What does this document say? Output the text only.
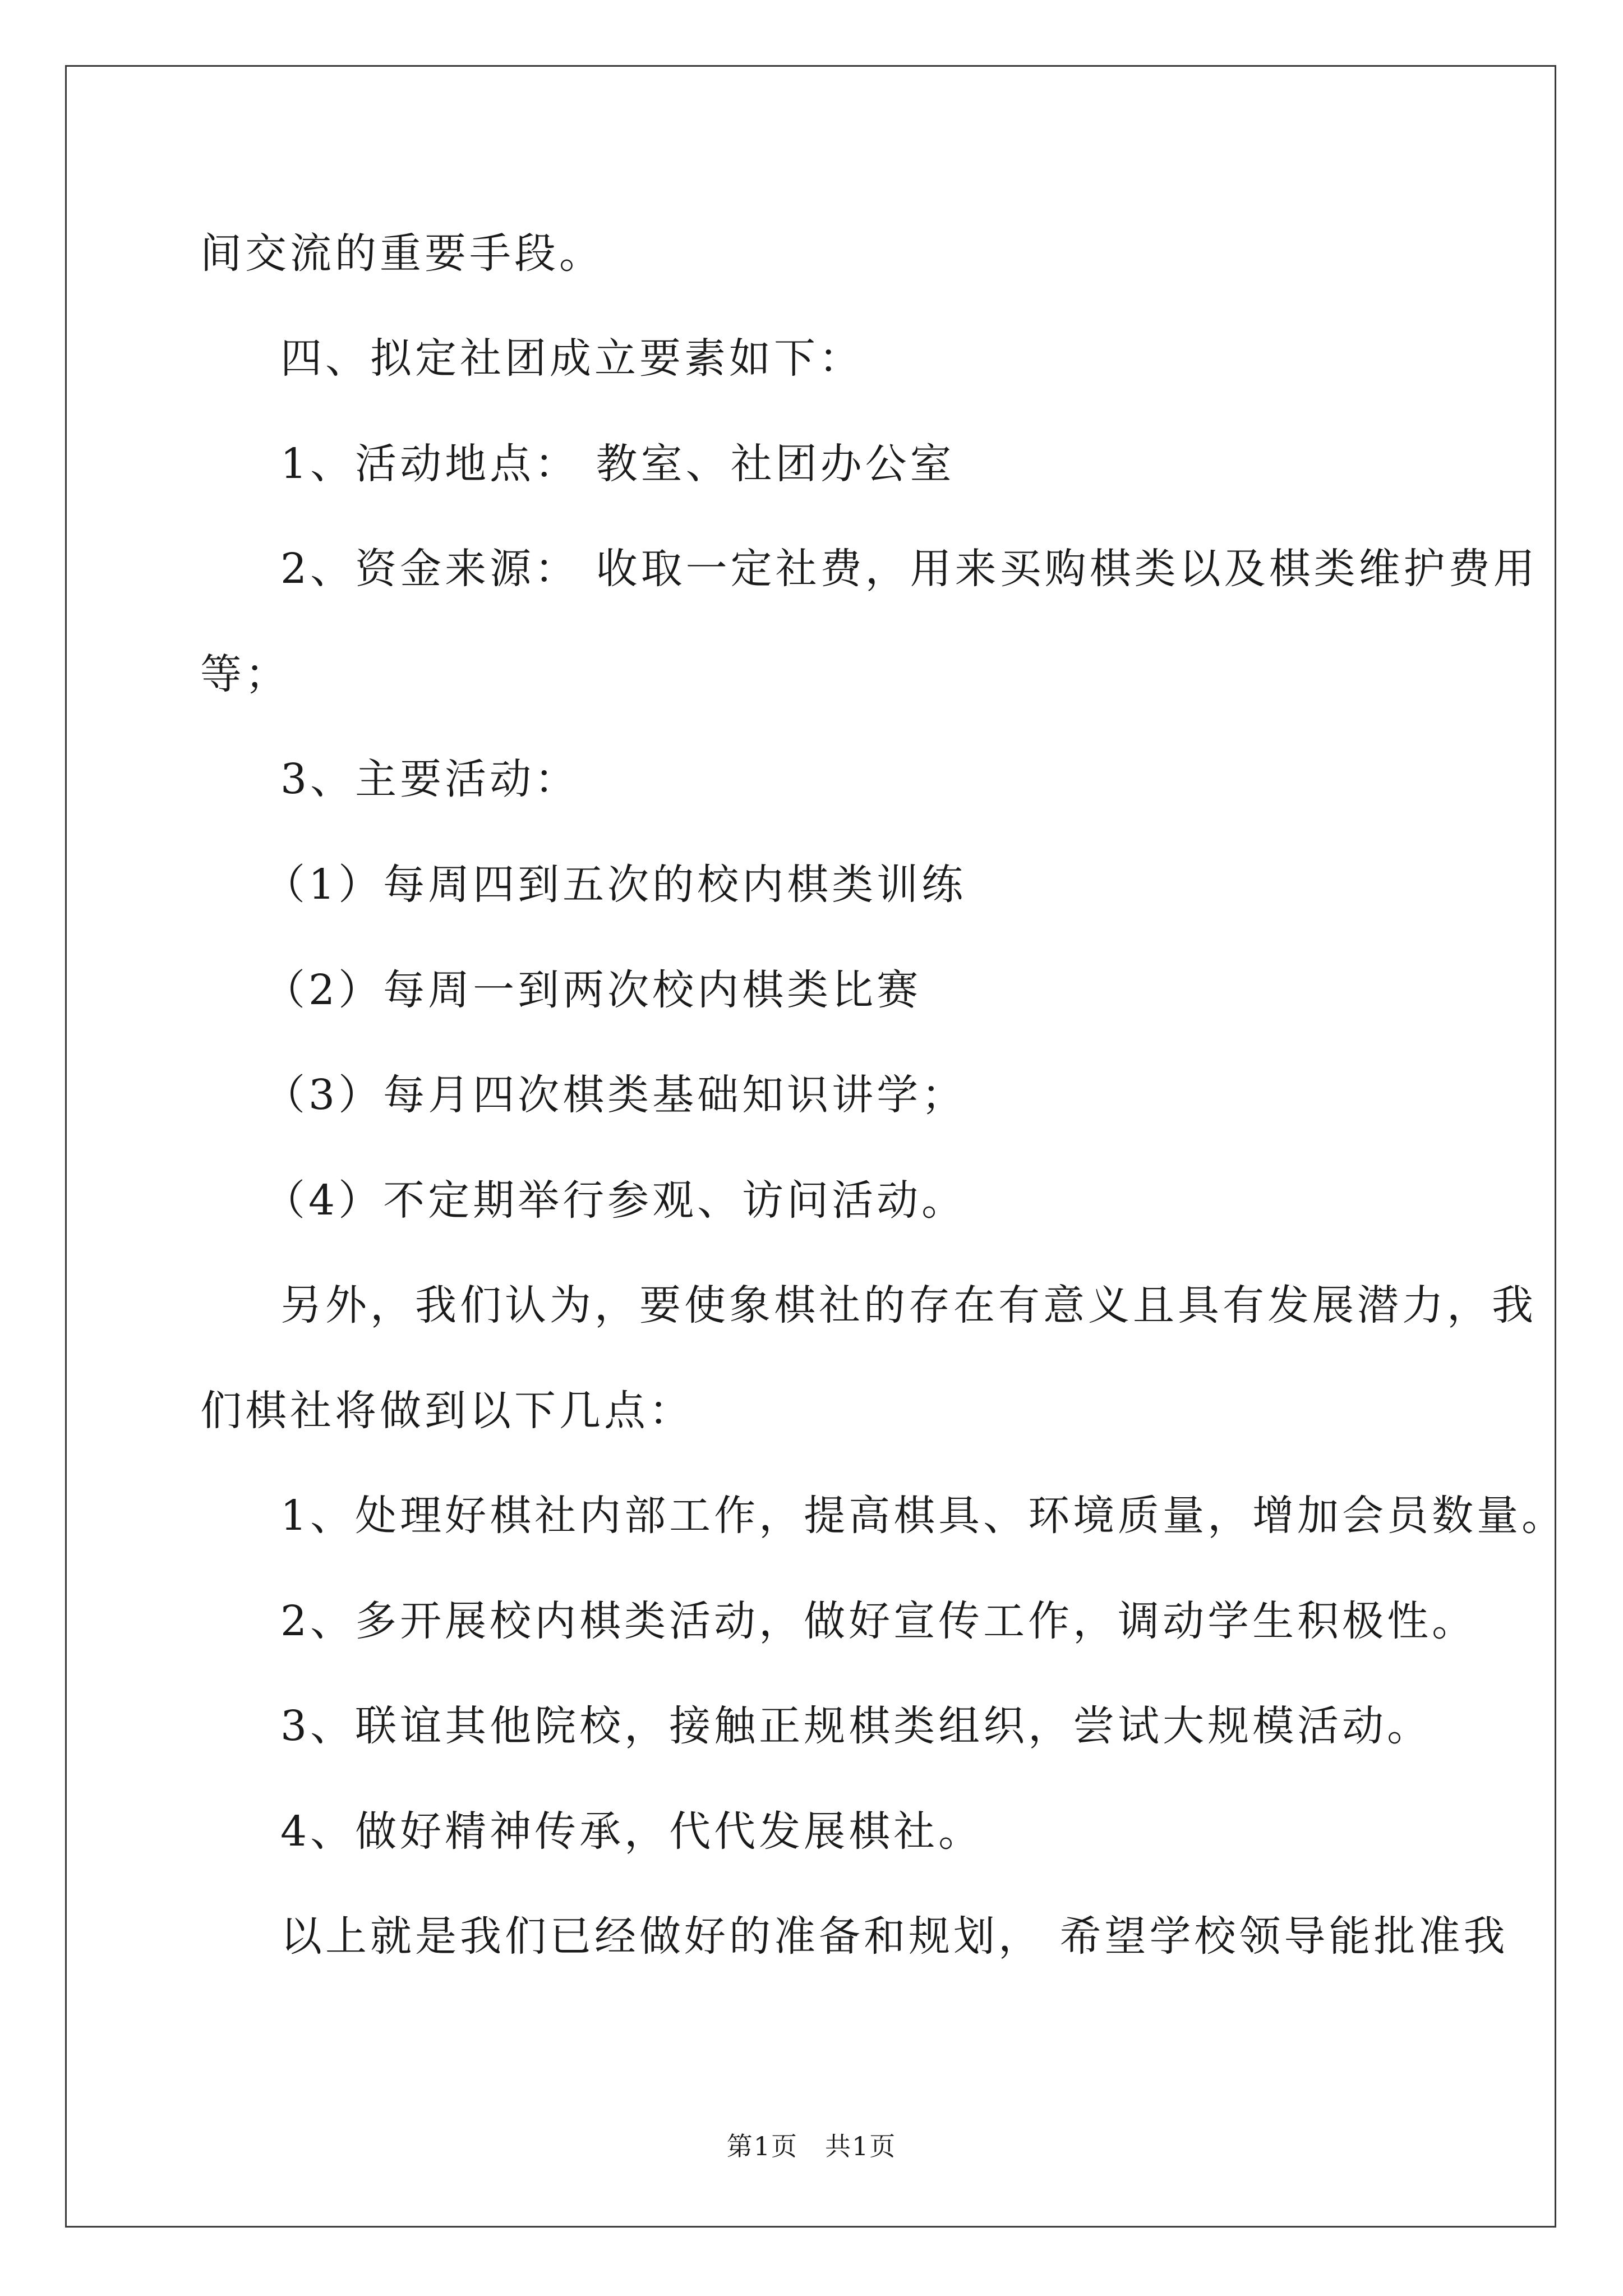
间交流的重要手段。
四、拟定社团成立要素如下：
1、活动地点： 教室、社团办公室
2、资金来源： 收取一定社费，用来买购棋类以及棋类维护费用
等；
3、主要活动：
（1）每周四到五次的校内棋类训练
（2）每周一到两次校内棋类比赛
（3）每月四次棋类基础知识讲学；
（4）不定期举行参观、访问活动。
另外，我们认为，要使象棋社的存在有意义且具有发展潜力，我
们棋社将做到以下几点：
1、处理好棋社内部工作，提高棋具、环境质量，增加会员数量。
2、多开展校内棋类活动，做好宣传工作，调动学生积极性。
3、联谊其他院校，接触正规棋类组织，尝试大规模活动。
4、做好精神传承，代代发展棋社。
以上就是我们已经做好的准备和规划， 希望学校领导能批准我
第1页　共1页
